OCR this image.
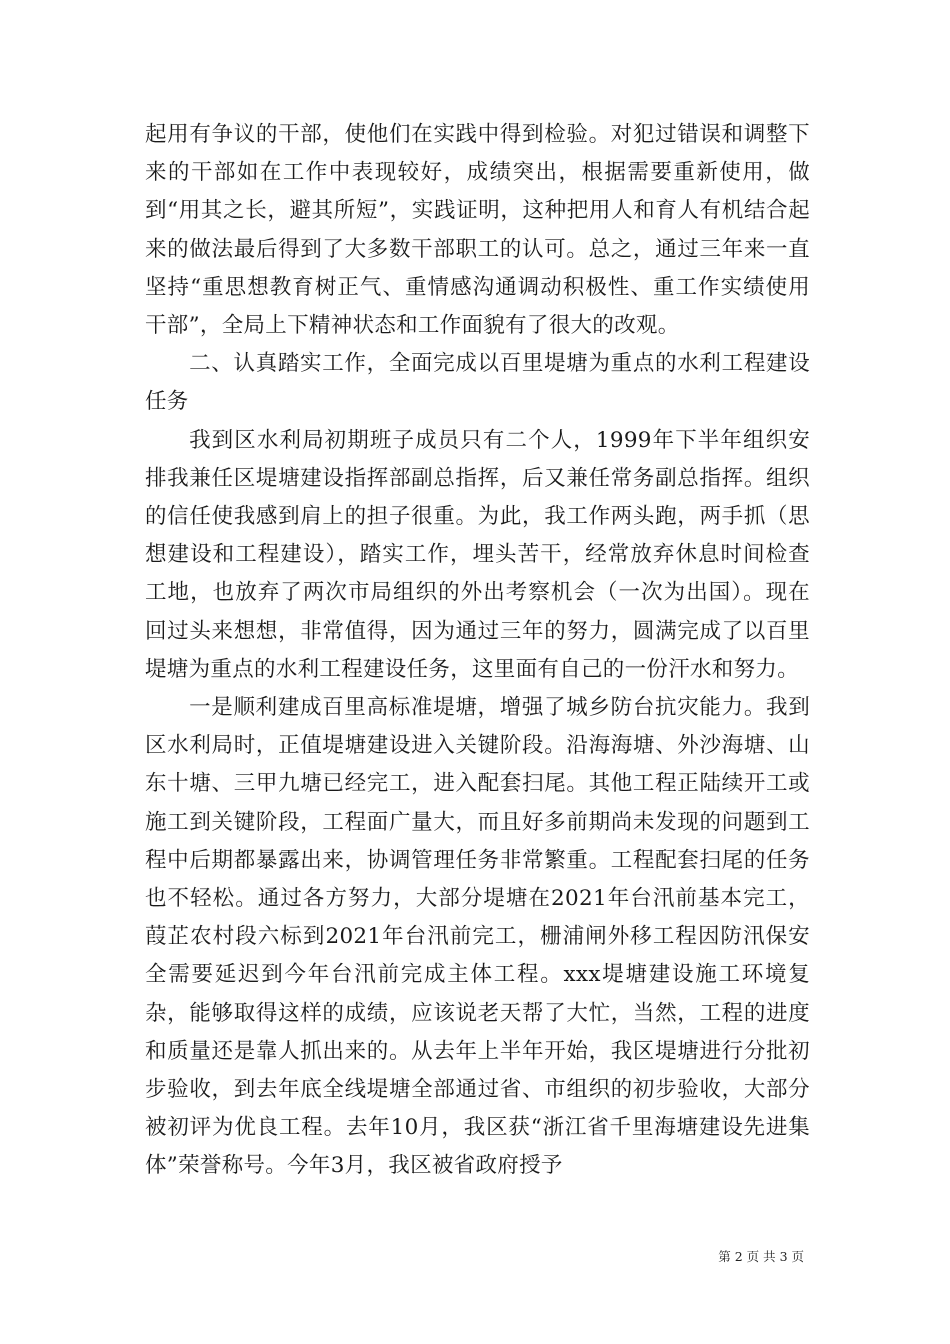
起用有争议的干部，使他们在实践中得到检验。对犯过错误和调整下来的干部如在工作中表现较好，成绩突出，根据需要重新使用，做到“用其之长，避其所短”，实践证明，这种把用人和育人有机结合起来的做法最后得到了大多数干部职工的认可。总之，通过三年来一直坚持“重思想教育树正气、重情感沟通调动积极性、重工作实绩使用干部”，全局上下精神状态和工作面貌有了很大的改观。

二、认真踏实工作，全面完成以百里堤塘为重点的水利工程建设任务

我到区水利局初期班子成员只有二个人，1999年下半年组织安排我兼任区堤塘建设指挥部副总指挥，后又兼任常务副总指挥。组织的信任使我感到肩上的担子很重。为此，我工作两头跑，两手抓（思想建设和工程建设），踏实工作，埋头苦干，经常放弃休息时间检查工地，也放弃了两次市局组织的外出考察机会（一次为出国）。现在回过头来想想，非常值得，因为通过三年的努力，圆满完成了以百里堤塘为重点的水利工程建设任务，这里面有自己的一份汗水和努力。

一是顺利建成百里高标准堤塘，增强了城乡防台抗灾能力。我到区水利局时，正值堤塘建设进入关键阶段。沿海海塘、外沙海塘、山东十塘、三甲九塘已经完工，进入配套扫尾。其他工程正陆续开工或施工到关键阶段，工程面广量大，而且好多前期尚未发现的问题到工程中后期都暴露出来，协调管理任务非常繁重。工程配套扫尾的任务也不轻松。通过各方努力，大部分堤塘在2021年台汛前基本完工，葭芷农村段六标到2021年台汛前完工，栅浦闸外移工程因防汛保安全需要延迟到今年台汛前完成主体工程。xxx堤塘建设施工环境复杂，能够取得这样的成绩，应该说老天帮了大忙，当然，工程的进度和质量还是靠人抓出来的。从去年上半年开始，我区堤塘进行分批初步验收，到去年底全线堤塘全部通过省、市组织的初步验收，大部分被初评为优良工程。去年10月，我区获“浙江省千里海塘建设先进集体”荣誉称号。今年3月，我区被省政府授予

第 2 页 共 3 页
